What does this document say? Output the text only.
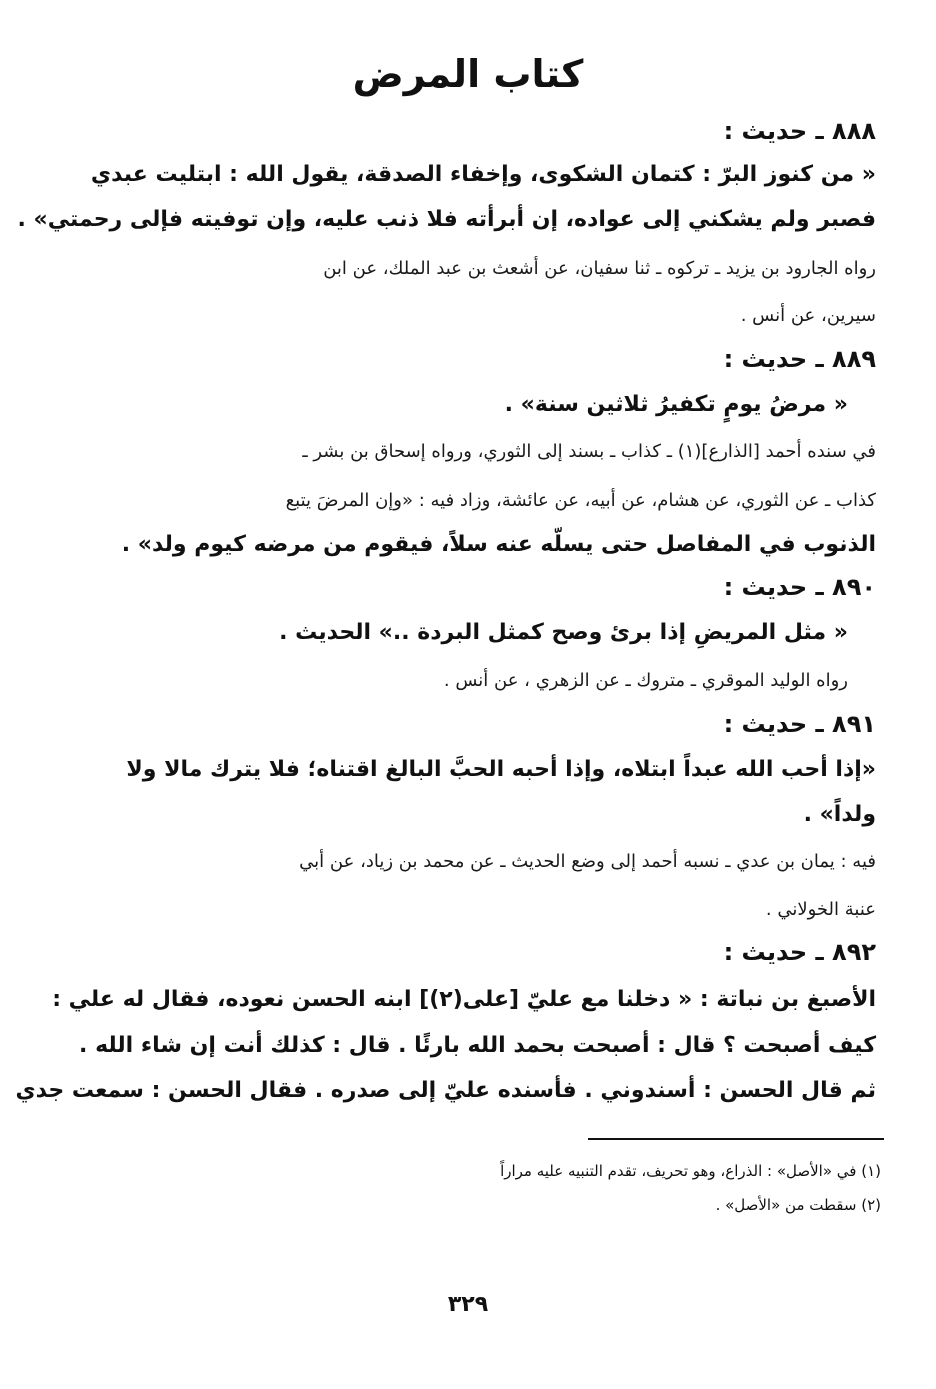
كتاب المرض
٨٨٨ ـ حديث :
« من كنوز البرّ : كتمان الشكوى، وإخفاء الصدقة، يقول الله : ابتليت عبدي
فصبر ولم يشكني إلى عواده، إن أبرأته فلا ذنب عليه، وإن توفيته فإلى رحمتي» .
رواه الجارود بن يزيد ـ تركوه ـ ثنا سفيان، عن أشعث بن عبد الملك، عن ابن
سيرين، عن أنس .
٨٨٩ ـ حديث :
« مرضُ يومٍ تكفيرُ ثلاثين سنة» .
في سنده أحمد [الذارع](١) ـ كذاب ـ بسند إلى الثوري، ورواه إسحاق بن بشر ـ
كذاب ـ عن الثوري، عن هشام، عن أبيه، عن عائشة، وزاد فيه : «وإن المرضَ يتبع
الذنوب في المفاصل حتى يسلّه عنه سلاً، فيقوم من مرضه كيوم ولد» .
٨٩٠ ـ حديث :
« مثل المريضِ إذا برئ وصح كمثل البردة ..» الحديث .
رواه الوليد الموقري ـ متروك ـ عن الزهري ، عن أنس .
٨٩١ ـ حديث :
«إذا أحب الله عبداً ابتلاه، وإذا أحبه الحبَّ البالغ اقتناه؛ فلا يترك مالا ولا
ولداً» .
فيه : يمان بن عدي ـ نسبه أحمد إلى وضع الحديث ـ عن محمد بن زياد، عن أبي
عنبة الخولاني .
٨٩٢ ـ حديث :
الأصبغ بن نباتة : « دخلنا مع عليّ [على(٢)] ابنه الحسن نعوده، فقال له علي :
كيف أصبحت ؟ قال : أصبحت بحمد الله بارئًا . قال : كذلك أنت إن شاء الله .
ثم قال الحسن : أسندوني . فأسنده عليّ إلى صدره . فقال الحسن : سمعت جدي
(١) في «الأصل» : الذراع، وهو تحريف، تقدم التنبيه عليه مراراً
(٢) سقطت من «الأصل» .
٣٢٩
